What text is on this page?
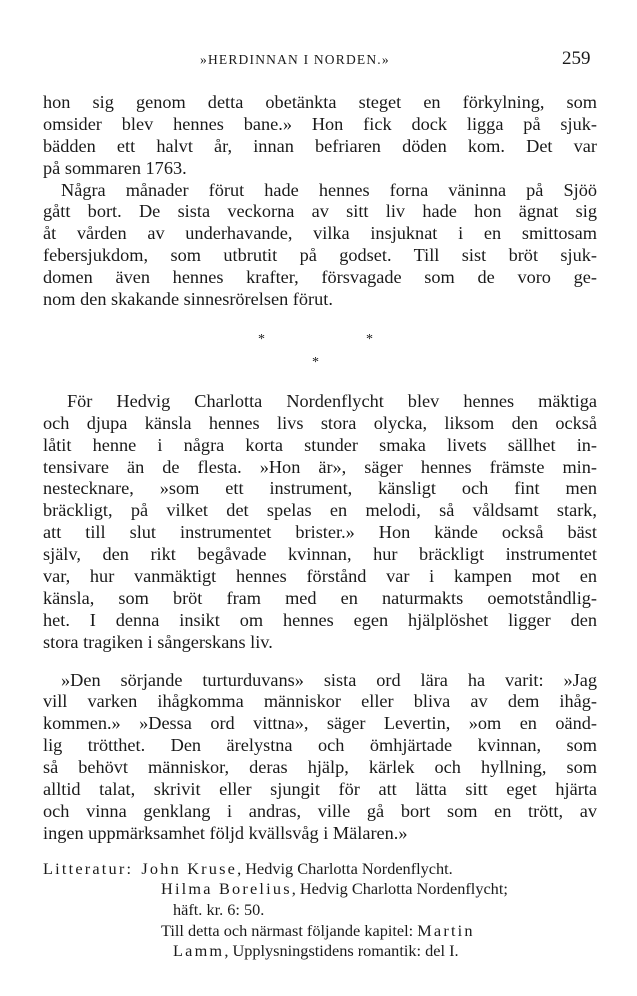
»HERDINNAN I NORDEN.»	259
hon sig genom detta obetänkta steget en förkylning, som
omsider blev hennes bane.» Hon fick dock ligga på sjuk-
bädden ett halvt år, innan befriaren döden kom. Det var
på sommaren 1763.
Några månader förut hade hennes forna väninna på Sjöö
gått bort. De sista veckorna av sitt liv hade hon ägnat sig
åt vården av underhavande, vilka insjuknat i en smittosam
febersjukdom, som utbrutit på godset. Till sist bröt sjuk-
domen även hennes krafter, försvagade som de voro ge-
nom den skakande sinnesrörelsen förut.
*	*
*
För Hedvig Charlotta Nordenflycht blev hennes mäktiga
och djupa känsla hennes livs stora olycka, liksom den också
låtit henne i några korta stunder smaka livets sällhet in-
tensivare än de flesta. »Hon är», säger hennes främste min-
nestecknare, »som ett instrument, känsligt och fint men
bräckligt, på vilket det spelas en melodi, så våldsamt stark,
att till slut instrumentet brister.» Hon kände också bäst
själv, den rikt begåvade kvinnan, hur bräckligt instrumentet
var, hur vanmäktigt hennes förstånd var i kampen mot en
känsla, som bröt fram med en naturmakts oemotståndlig-
het. I denna insikt om hennes egen hjälplöshet ligger den
stora tragiken i sångerskans liv.
»Den sörjande turturduvans» sista ord lära ha varit: »Jag
vill varken ihågkomma människor eller bliva av dem ihåg-
kommen.» »Dessa ord vittna», säger Levertin, »om en oänd-
lig trötthet. Den ärelystna och ömhjärtade kvinnan, som
så behövt människor, deras hjälp, kärlek och hyllning, som
alltid talat, skrivit eller sjungit för att lätta sitt eget hjärta
och vinna genklang i andras, ville gå bort som en trött, av
ingen uppmärksamhet följd kvällsvåg i Mälaren.»
Litteratur: John Kruse, Hedvig Charlotta Nordenflycht.
Hilma Borelius, Hedvig Charlotta Nordenflycht;
häft. kr. 6: 50.
Till detta och närmast följande kapitel: Martin
Lamm, Upplysningstidens romantik: del I.
